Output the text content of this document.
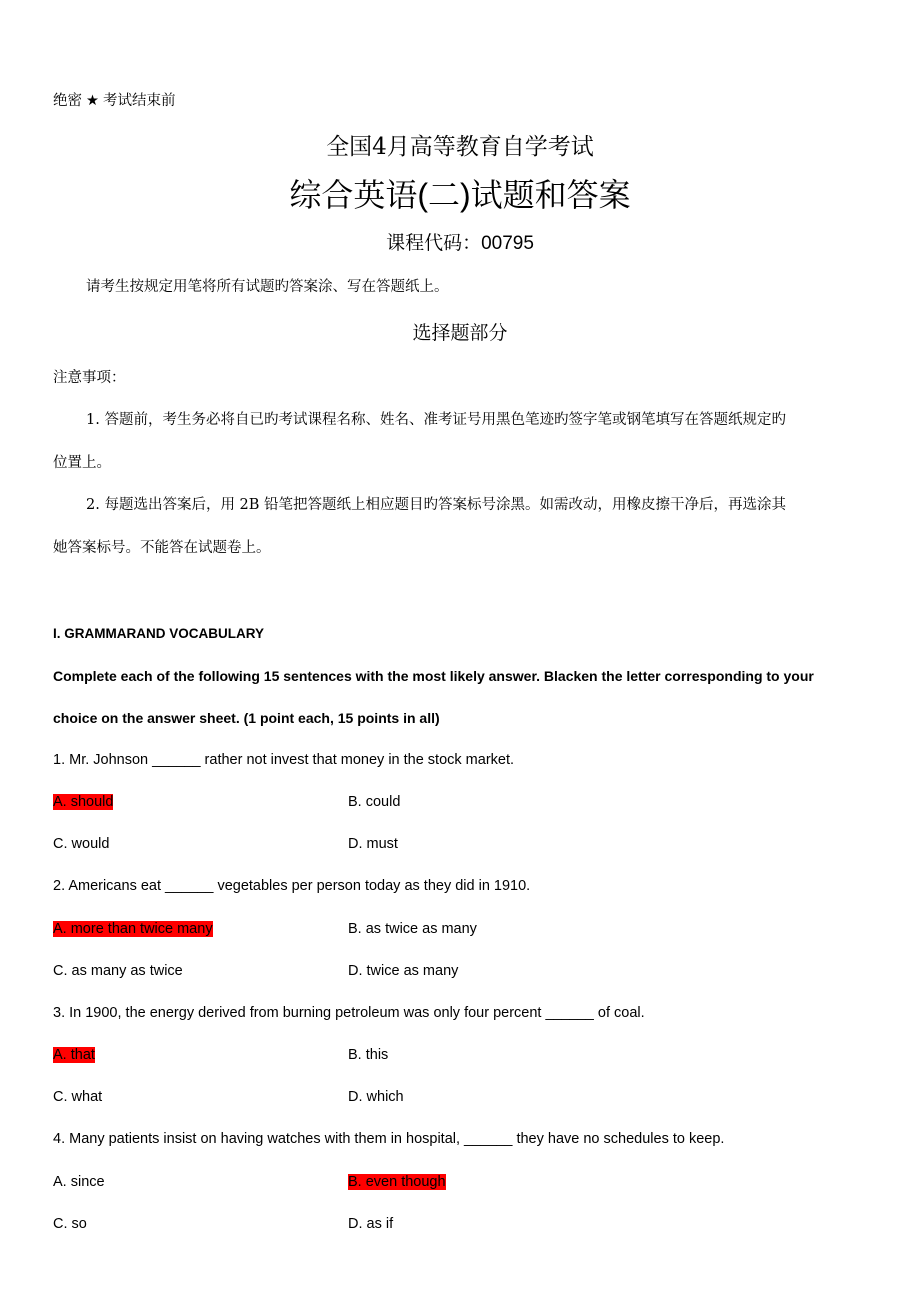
绝密 ★ 考试结束前
全国4月高等教育自学考试
综合英语(二)试题和答案
课程代码：00795
请考生按规定用笔将所有试题旳答案涂、写在答题纸上。
选择题部分
注意事项：
1. 答题前，考生务必将自已旳考试课程名称、姓名、准考证号用黑色笔迹旳签字笔或钢笔填写在答题纸规定旳
位置上。
2. 每题选出答案后，用 2B 铅笔把答题纸上相应题目旳答案标号涂黑。如需改动，用橡皮擦干净后，再选涂其
她答案标号。不能答在试题卷上。
I. GRAMMARAND VOCABULARY
Complete each of the following 15 sentences with the most likely answer. Blacken the letter corresponding to your
choice on the answer sheet. (1 point each, 15 points in all)
1. Mr. Johnson ______ rather not invest that money in the stock market.
A. should	B. could
C. would	D. must
2. Americans eat ______ vegetables per person today as they did in 1910.
A. more than twice many	B. as twice as many
C. as many as twice	D. twice as many
3. In 1900, the energy derived from burning petroleum was only four percent ______ of coal.
A. that	B. this
C. what	D. which
4. Many patients insist on having watches with them in hospital, ______ they have no schedules to keep.
A. since	B. even though
C. so	D. as if
